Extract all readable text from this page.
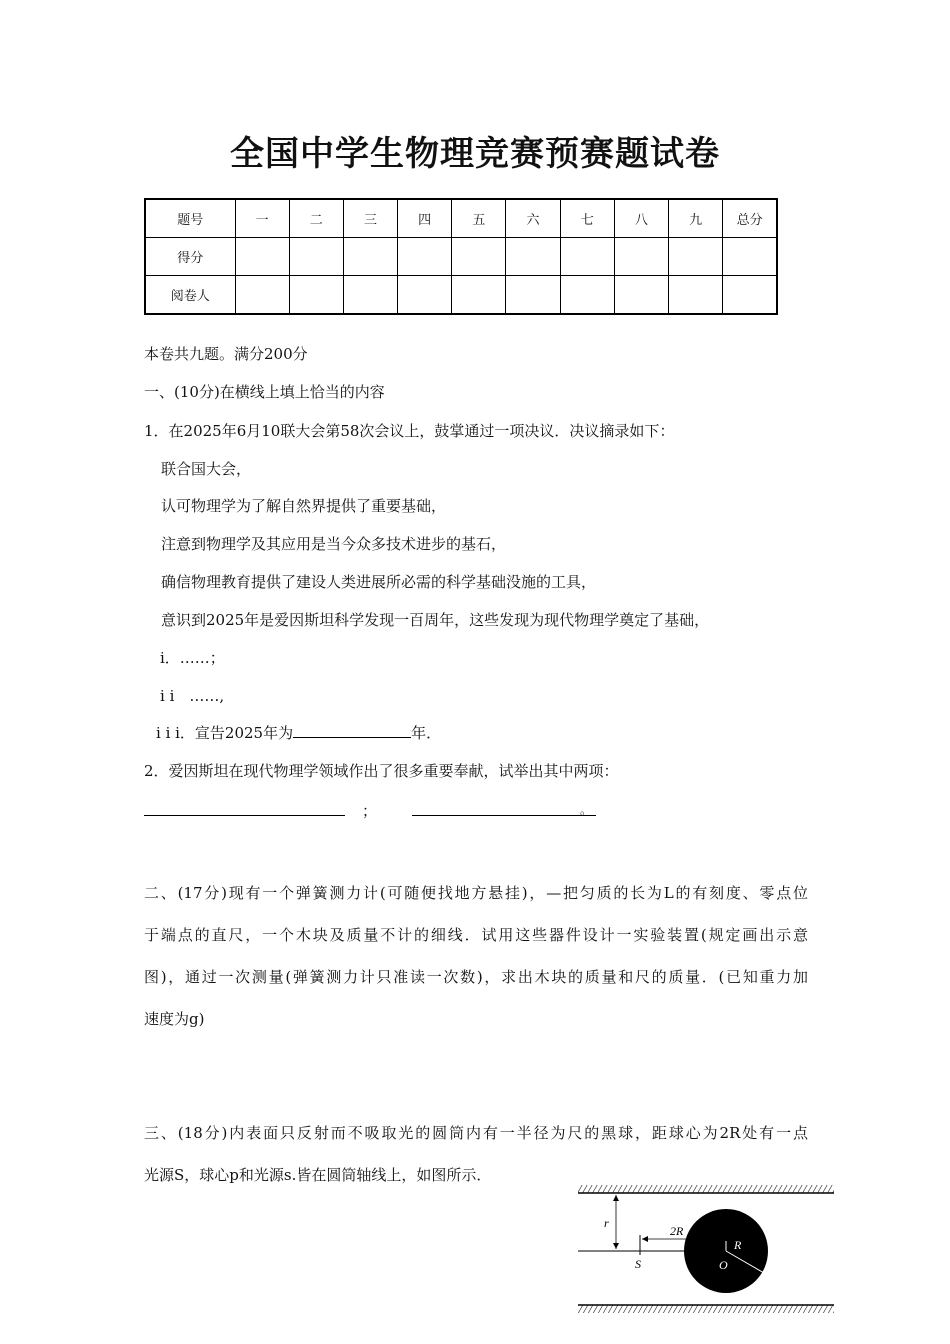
全国中学生物理竞赛预赛题试卷
题号	一	二	三	四	五	六	七	八	九	总分
得分										
阅卷人										
本卷共九题。满分200分
一、(10分)在横线上填上恰当的内容
1．在2025年6月10联大会第58次会议上，鼓掌通过一项决议．决议摘录如下：
联合国大会，
认可物理学为了解自然界提供了重要基础，
注意到物理学及其应用是当今众多技术进步的基石，
确信物理教育提供了建设人类进展所必需的科学基础没施的工具，
意识到2025年是爱因斯坦科学发现一百周年，这些发现为现代物理学奠定了基础，
i．……；
i i　……,
i i i．宣告2025年为	年．
2．爱因斯坦在现代物理学领域作出了很多重要奉献，试举出其中两项：
；	。
二、(17分)现有一个弹簧测力计(可随便找地方悬挂)，—把匀质的长为L的有刻度、零点位
于端点的直尺，一个木块及质量不计的细线．试用这些器件设计一实验装置(规定画出示意
图)，通过一次测量(弹簧测力计只准读一次数)，求出木块的质量和尺的质量．(已知重力加
速度为g)
三、(18分)内表面只反射而不吸取光的圆筒内有一半径为尺的黑球，距球心为2R处有一点
光源S，球心p和光源s.皆在圆筒轴线上，如图所示．
r
2R
R
S	O
